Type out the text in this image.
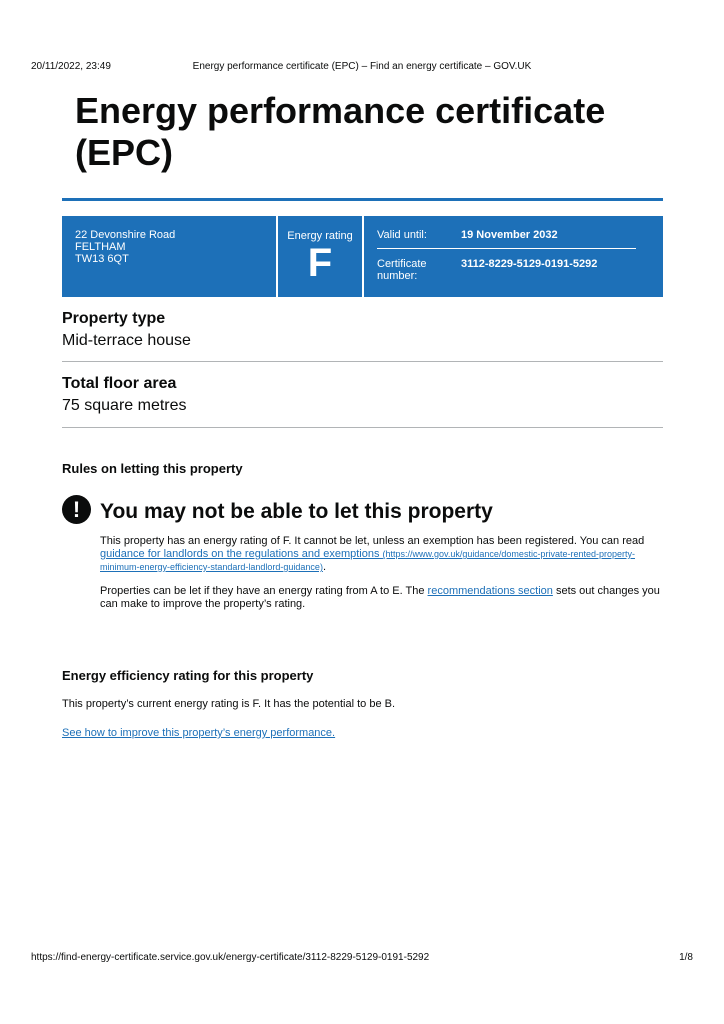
20/11/2022, 23:49	Energy performance certificate (EPC) – Find an energy certificate – GOV.UK
Energy performance certificate
(EPC)
22 Devonshire Road
FELTHAM
TW13 6QT
Energy rating
F
Valid until:	19 November 2032
Certificate
number:
3112-8229-5129-0191-5292

Property type

Mid-terrace house

Total floor area

75 square metres

Rules on letting this property
! You may not be able to let this property

This property has an energy rating of F. It cannot be let, unless an exemption has been registered. You can read guidance for landlords on the regulations and exemptions (https://www.gov.uk/guidance/domestic-private-rented-property-minimum-energy-efficiency-standard-landlord-guidance).

Properties can be let if they have an energy rating from A to E. The recommendations section sets out changes you can make to improve the property’s rating.

Energy efficiency rating for this property

This property’s current energy rating is F. It has the potential to be B.

See how to improve this property’s energy performance.
https://find-energy-certificate.service.gov.uk/energy-certificate/3112-8229-5129-0191-5292	1/8
